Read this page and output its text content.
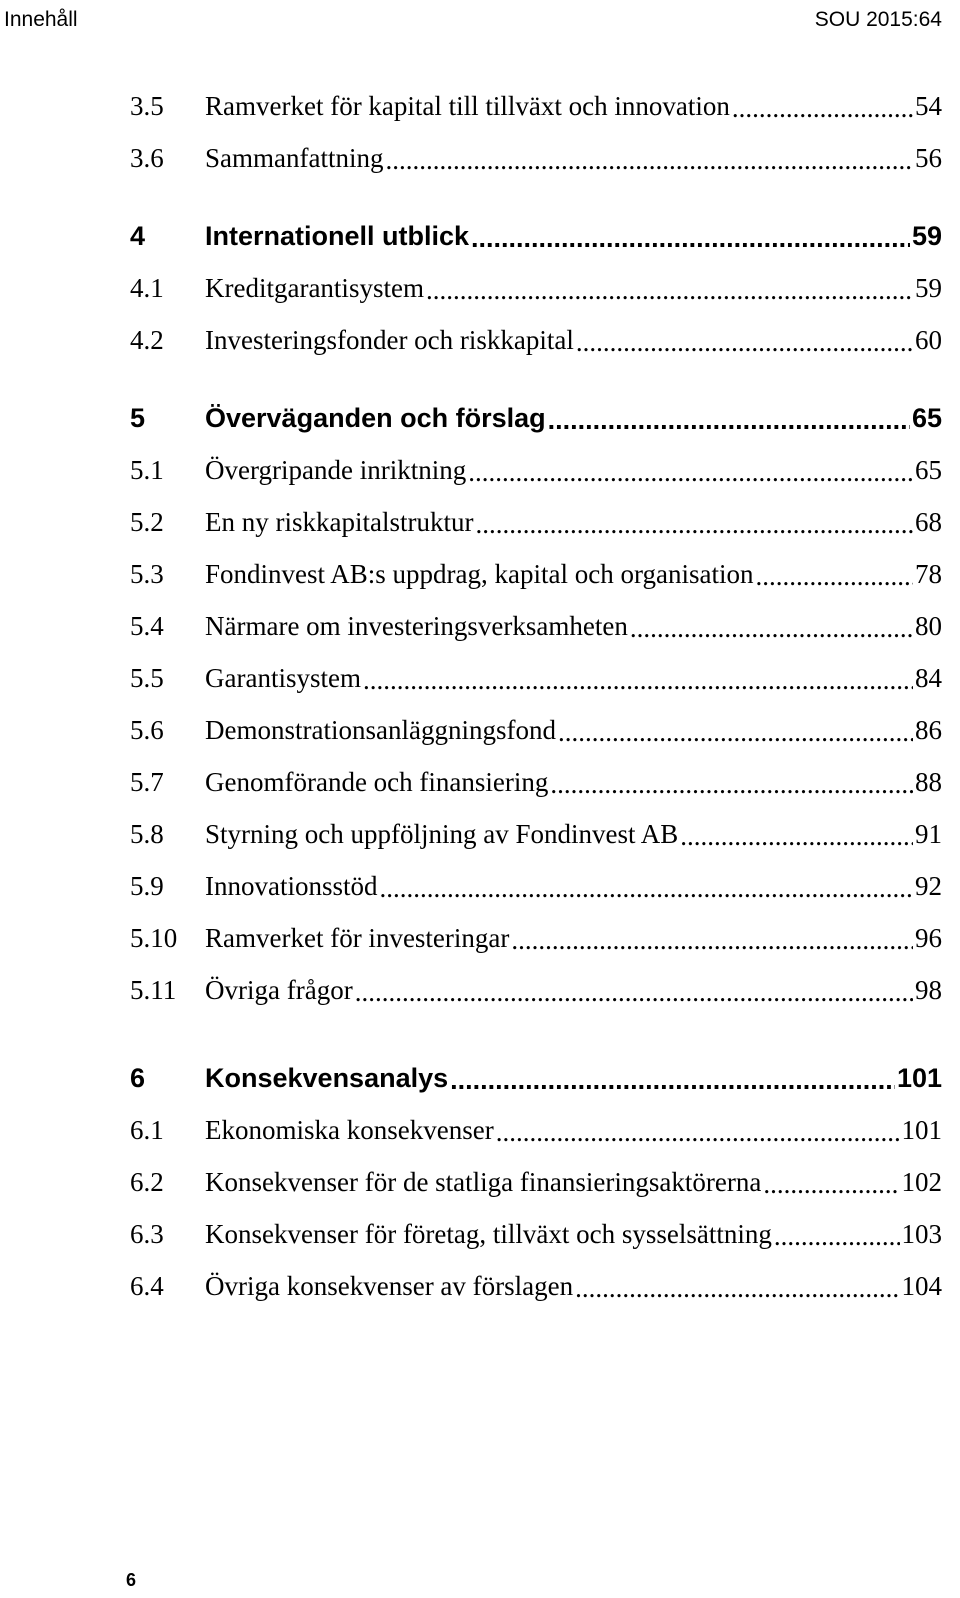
Innehåll	SOU 2015:64
3.5 Ramverket för kapital till tillväxt och innovation .....	54
3.6 Sammanfattning .....	56
4 Internationell utblick .....	59
4.1 Kreditgarantisystem .....	59
4.2 Investeringsfonder och riskkapital .....	60
5 Överväganden och förslag .....	65
5.1 Övergripande inriktning .....	65
5.2 En ny riskkapitalstruktur .....	68
5.3 Fondinvest AB:s uppdrag, kapital och organisation .....	78
5.4 Närmare om investeringsverksamheten .....	80
5.5 Garantisystem .....	84
5.6 Demonstrationsanläggningsfond .....	86
5.7 Genomförande och finansiering .....	88
5.8 Styrning och uppföljning av Fondinvest AB .....	91
5.9 Innovationsstöd .....	92
5.10 Ramverket för investeringar .....	96
5.11 Övriga frågor .....	98
6 Konsekvensanalys .....	101
6.1 Ekonomiska konsekvenser .....	101
6.2 Konsekvenser för de statliga finansieringsaktörerna .....	102
6.3 Konsekvenser för företag, tillväxt och sysselsättning .....	103
6.4 Övriga konsekvenser av förslagen .....	104
6
